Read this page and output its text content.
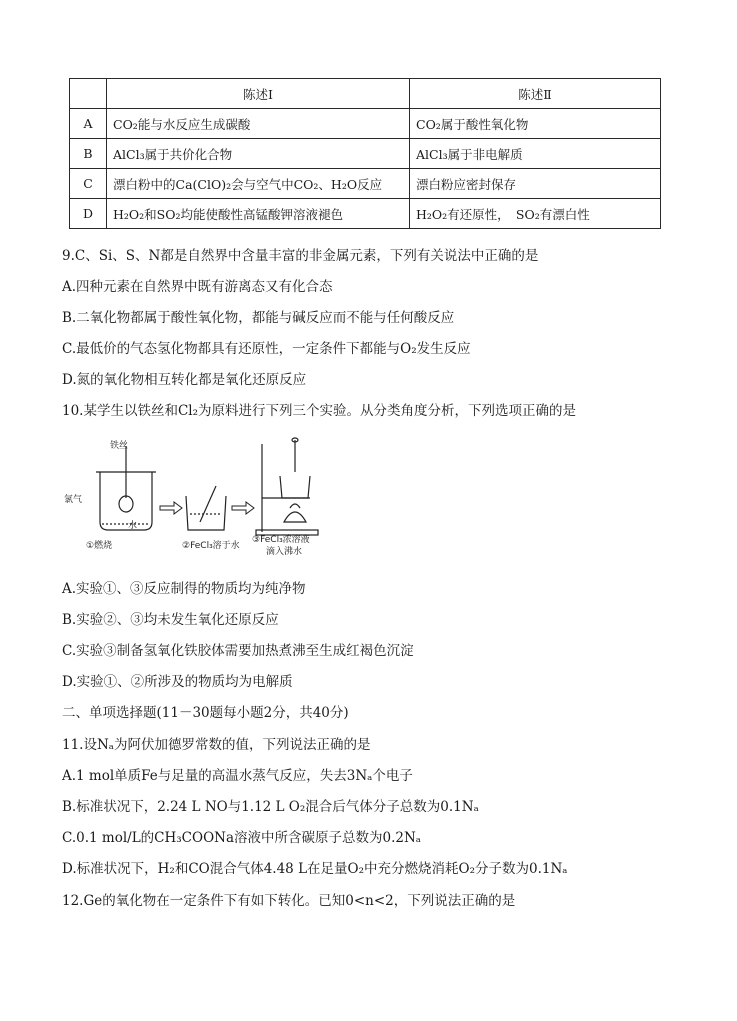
	陈述Ⅰ	陈述Ⅱ
A	CO₂能与水反应生成碳酸	CO₂属于酸性氧化物
B	AlCl₃属于共价化合物	AlCl₃属于非电解质
C	漂白粉中的Ca(ClO)₂会与空气中CO₂、H₂O反应	漂白粉应密封保存
D	H₂O₂和SO₂均能使酸性高锰酸钾溶液褪色	H₂O₂有还原性，　SO₂有漂白性
9.C、Si、S、N都是自然界中含量丰富的非金属元素，下列有关说法中正确的是
A.四种元素在自然界中既有游离态又有化合态
B.二氧化物都属于酸性氧化物，都能与碱反应而不能与任何酸反应
C.最低价的气态氢化物都具有还原性，一定条件下都能与O₂发生反应
D.氮的氧化物相互转化都是氧化还原反应
10.某学生以铁丝和Cl₂为原料进行下列三个实验。从分类角度分析，下列选项正确的是
铁丝
氯气
水
①燃烧	②FeCl₃溶于水
③FeCl₃浓溶液
滴入沸水
A.实验①、③反应制得的物质均为纯净物
B.实验②、③均未发生氧化还原反应
C.实验③制备氢氧化铁胶体需要加热煮沸至生成红褐色沉淀
D.实验①、②所涉及的物质均为电解质
二、单项选择题(11－30题每小题2分，共40分)
11.设Nₐ为阿伏加德罗常数的值，下列说法正确的是
A.1 mol单质Fe与足量的高温水蒸气反应，失去3Nₐ个电子
B.标准状况下，2.24 L NO与1.12 L O₂混合后气体分子总数为0.1Nₐ
C.0.1 mol/L的CH₃COONa溶液中所含碳原子总数为0.2Nₐ
D.标准状况下，H₂和CO混合气体4.48 L在足量O₂中充分燃烧消耗O₂分子数为0.1Nₐ
12.Ge的氧化物在一定条件下有如下转化。已知0<n<2，下列说法正确的是
